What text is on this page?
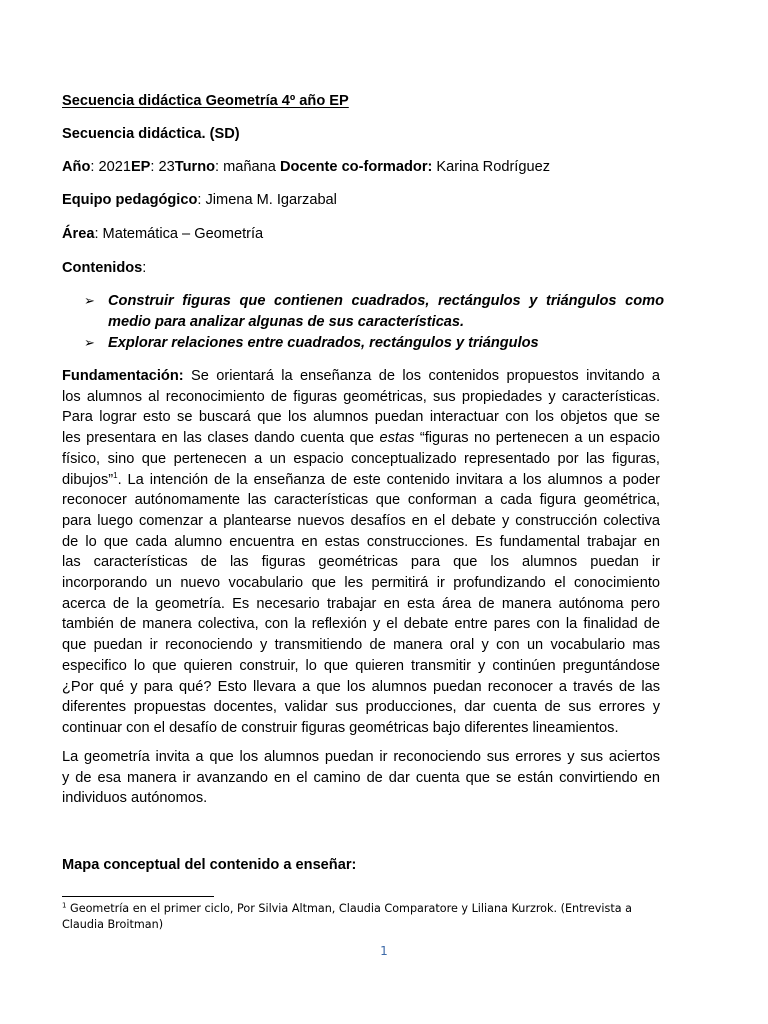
Secuencia didáctica Geometría 4º año EP
Secuencia didáctica. (SD)
Año: 2021EP: 23Turno: mañana Docente co-formador: Karina Rodríguez
Equipo pedagógico: Jimena M. Igarzabal
Área: Matemática – Geometría
Contenidos:
➢ Construir figuras que contienen cuadrados, rectángulos y triángulos como medio para analizar algunas de sus características.
➢ Explorar relaciones entre cuadrados, rectángulos y triángulos
Fundamentación: Se orientará la enseñanza de los contenidos propuestos invitando a
los alumnos al reconocimiento de figuras geométricas, sus propiedades y características.
Para lograr esto se buscará que los alumnos puedan interactuar con los objetos que se
les presentara en las clases dando cuenta que estas “figuras no pertenecen a un espacio
físico, sino que pertenecen a un espacio conceptualizado representado por las figuras,
dibujos”$^1$. La intención de la enseñanza de este contenido invitara a los alumnos a poder
reconocer autónomamente las características que conforman a cada figura geométrica,
para luego comenzar a plantearse nuevos desafíos en el debate y construcción colectiva
de lo que cada alumno encuentra en estas construcciones. Es fundamental trabajar en
las características de las figuras geométricas para que los alumnos puedan ir
incorporando un nuevo vocabulario que les permitirá ir profundizando el conocimiento
acerca de la geometría. Es necesario trabajar en esta área de manera autónoma pero
también de manera colectiva, con la reflexión y el debate entre pares con la finalidad de
que puedan ir reconociendo y transmitiendo de manera oral y con un vocabulario mas
especifico lo que quieren construir, lo que quieren transmitir y continúen preguntándose
¿Por qué y para qué? Esto llevara a que los alumnos puedan reconocer a través de las
diferentes propuestas docentes, validar sus producciones, dar cuenta de sus errores y
continuar con el desafío de construir figuras geométricas bajo diferentes lineamientos.
La geometría invita a que los alumnos puedan ir reconociendo sus errores y sus aciertos
y de esa manera ir avanzando en el camino de dar cuenta que se están convirtiendo en
individuos autónomos.
Mapa conceptual del contenido a enseñar:
$^1$ Geometría en el primer ciclo, Por Silvia Altman, Claudia Comparatore y Liliana Kurzrok. (Entrevista a Claudia Broitman)
1
